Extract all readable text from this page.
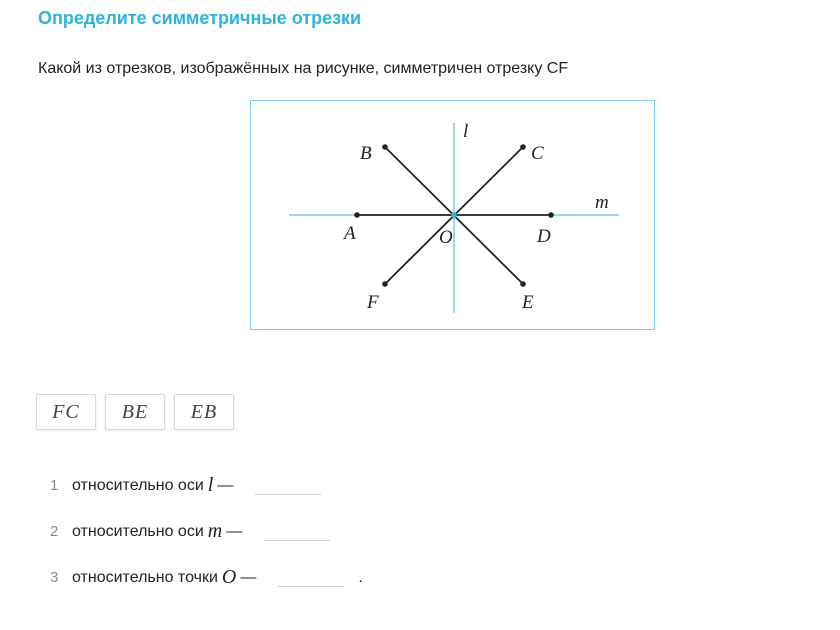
Определите симметричные отрезки
Какой из отрезков, изображённых на рисунке, симметричен отрезку CF
l
m
A
B	C
D
E
F
O
FC	BE	EB
1 относительно оси l —
2 относительно оси m —
3 относительно точки O —	.
